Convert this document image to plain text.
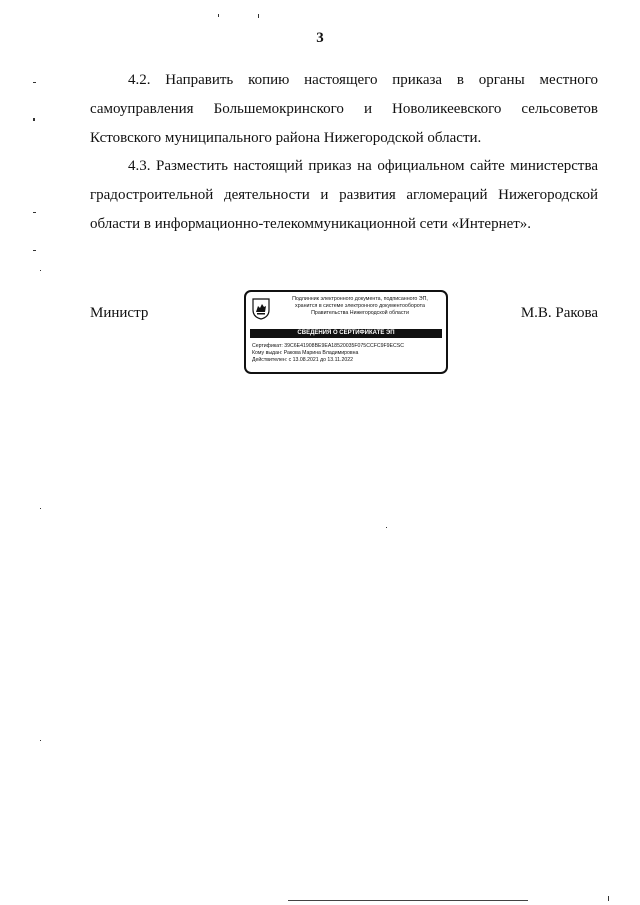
3
4.2. Направить копию настоящего приказа в органы местного самоуправления Большемокринского и Новоликеевского сельсоветов Кстовского муниципального района Нижегородской области.
4.3. Разместить настоящий приказ на официальном сайте министерства градостроительной деятельности и развития агломераций Нижегородской области в информационно-телекоммуникационной сети «Интернет».
Министр
Подлинник электронного документа, подписанного ЭП,
хранится в системе электронного документооборота
Правительства Нижегородской области
СВЕДЕНИЯ О СЕРТИФИКАТЕ ЭП
Сертификат: 39C6E41908BE9EA18520035F075CCFC9F9ECSC
Кому выдан: Ракова Марина Владимировна
Действителен: с 13.08.2021 до 13.11.2022
М.В. Ракова
